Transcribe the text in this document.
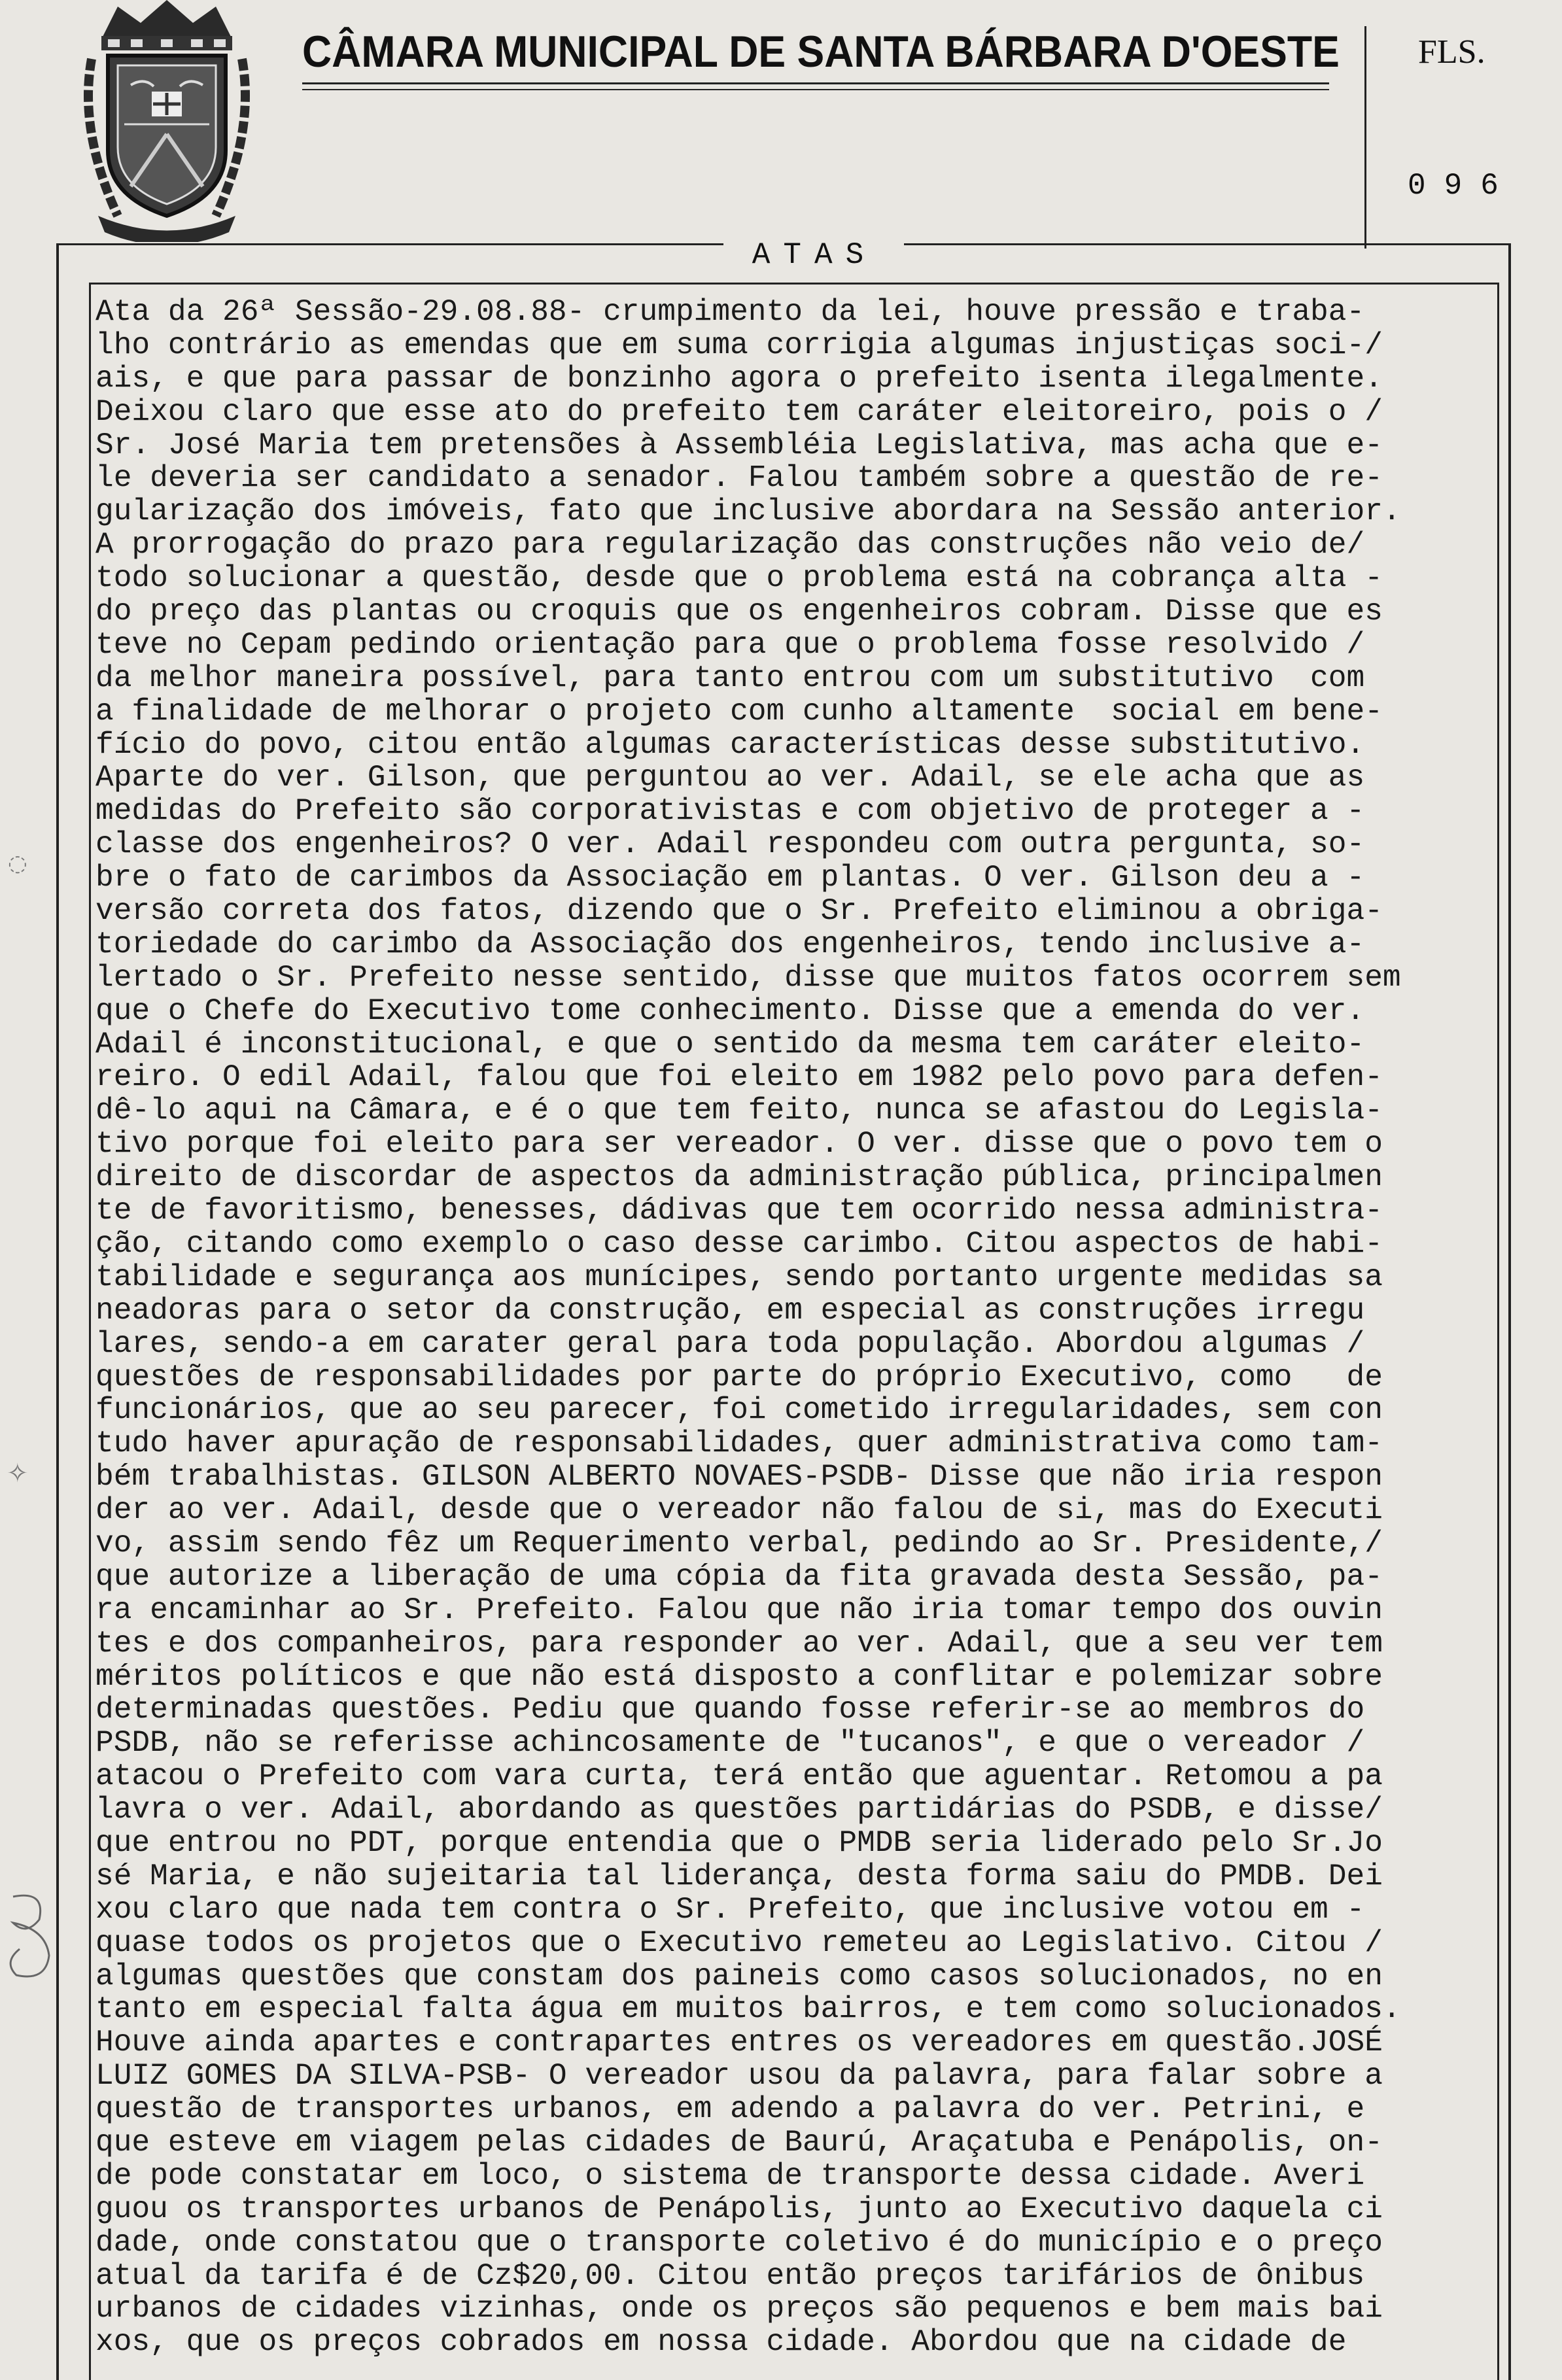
CÂMARA MUNICIPAL DE SANTA BÁRBARA D'OESTE FLS.
096
ATAS
Ata da 26ª Sessão-29.08.88- crumpimento da lei, houve pressão e traba-
lho contrário as emendas que em suma corrigia algumas injustiças soci-/
ais, e que para passar de bonzinho agora o prefeito isenta ilegalmente.
Deixou claro que esse ato do prefeito tem caráter eleitoreiro, pois o /
Sr. José Maria tem pretensões à Assembléia Legislativa, mas acha que e-
le deveria ser candidato a senador. Falou também sobre a questão de re-
gularização dos imóveis, fato que inclusive abordara na Sessão anterior.
A prorrogação do prazo para regularização das construções não veio de/
todo solucionar a questão, desde que o problema está na cobrança alta -
do preço das plantas ou croquis que os engenheiros cobram. Disse que es
teve no Cepam pedindo orientação para que o problema fosse resolvido /
da melhor maneira possível, para tanto entrou com um substitutivo  com
a finalidade de melhorar o projeto com cunho altamente  social em bene-
fício do povo, citou então algumas características desse substitutivo.
Aparte do ver. Gilson, que perguntou ao ver. Adail, se ele acha que as
medidas do Prefeito são corporativistas e com objetivo de proteger a -
classe dos engenheiros? O ver. Adail respondeu com outra pergunta, so-
bre o fato de carimbos da Associação em plantas. O ver. Gilson deu a -
versão correta dos fatos, dizendo que o Sr. Prefeito eliminou a obriga-
toriedade do carimbo da Associação dos engenheiros, tendo inclusive a-
lertado o Sr. Prefeito nesse sentido, disse que muitos fatos ocorrem sem
que o Chefe do Executivo tome conhecimento. Disse que a emenda do ver.
Adail é inconstitucional, e que o sentido da mesma tem caráter eleito-
reiro. O edil Adail, falou que foi eleito em 1982 pelo povo para defen-
dê-lo aqui na Câmara, e é o que tem feito, nunca se afastou do Legisla-
tivo porque foi eleito para ser vereador. O ver. disse que o povo tem o
direito de discordar de aspectos da administração pública, principalmen
te de favoritismo, benesses, dádivas que tem ocorrido nessa administra-
ção, citando como exemplo o caso desse carimbo. Citou aspectos de habi-
tabilidade e segurança aos munícipes, sendo portanto urgente medidas sa
neadoras para o setor da construção, em especial as construções irregu
lares, sendo-a em carater geral para toda população. Abordou algumas /
questões de responsabilidades por parte do próprio Executivo, como   de
funcionários, que ao seu parecer, foi cometido irregularidades, sem con
tudo haver apuração de responsabilidades, quer administrativa como tam-
bém trabalhistas. GILSON ALBERTO NOVAES-PSDB- Disse que não iria respon
der ao ver. Adail, desde que o vereador não falou de si, mas do Executi
vo, assim sendo fêz um Requerimento verbal, pedindo ao Sr. Presidente,/
que autorize a liberação de uma cópia da fita gravada desta Sessão, pa-
ra encaminhar ao Sr. Prefeito. Falou que não iria tomar tempo dos ouvin
tes e dos companheiros, para responder ao ver. Adail, que a seu ver tem
méritos políticos e que não está disposto a conflitar e polemizar sobre
determinadas questões. Pediu que quando fosse referir-se ao membros do
PSDB, não se referisse achincosamente de "tucanos", e que o vereador /
atacou o Prefeito com vara curta, terá então que aguentar. Retomou a pa
lavra o ver. Adail, abordando as questões partidárias do PSDB, e disse/
que entrou no PDT, porque entendia que o PMDB seria liderado pelo Sr.Jo
sé Maria, e não sujeitaria tal liderança, desta forma saiu do PMDB. Dei
xou claro que nada tem contra o Sr. Prefeito, que inclusive votou em -
quase todos os projetos que o Executivo remeteu ao Legislativo. Citou /
algumas questões que constam dos paineis como casos solucionados, no en
tanto em especial falta água em muitos bairros, e tem como solucionados.
Houve ainda apartes e contrapartes entres os vereadores em questão.JOSÉ
LUIZ GOMES DA SILVA-PSB- O vereador usou da palavra, para falar sobre a
questão de transportes urbanos, em adendo a palavra do ver. Petrini, e
que esteve em viagem pelas cidades de Baurú, Araçatuba e Penápolis, on-
de pode constatar em loco, o sistema de transporte dessa cidade. Averi
guou os transportes urbanos de Penápolis, junto ao Executivo daquela ci
dade, onde constatou que o transporte coletivo é do município e o preço
atual da tarifa é de Cz$20,00. Citou então preços tarifários de ônibus
urbanos de cidades vizinhas, onde os preços são pequenos e bem mais bai
xos, que os preços cobrados em nossa cidade. Abordou que na cidade de
◌
✧
